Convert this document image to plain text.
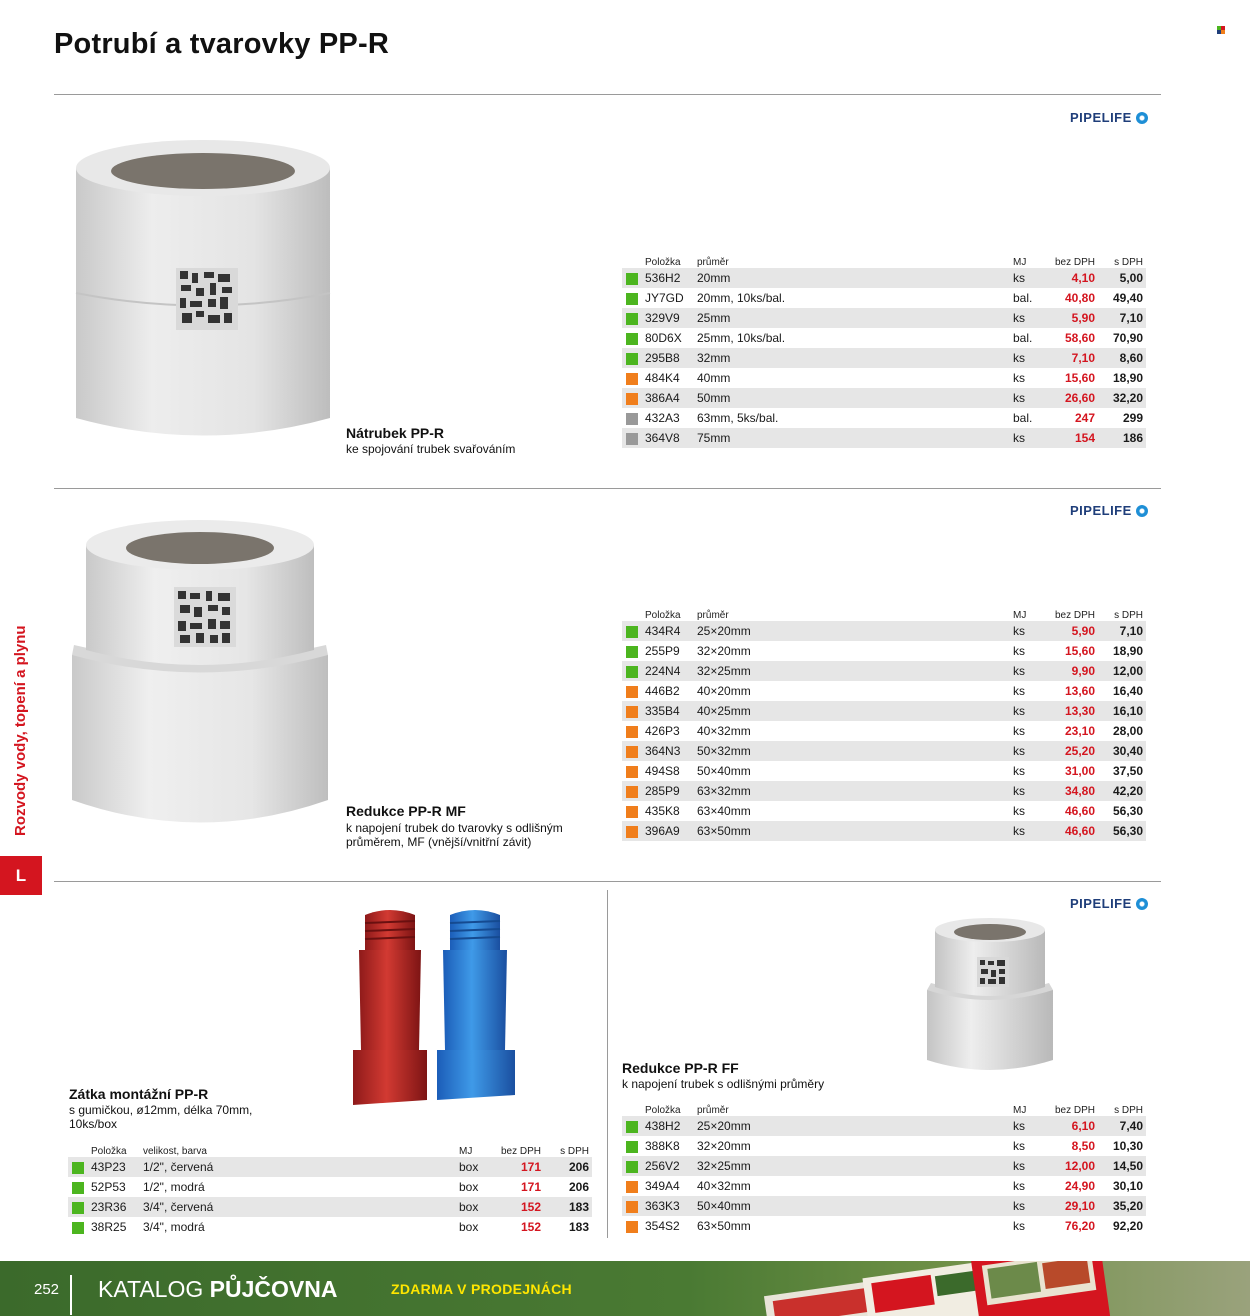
Potrubí a tvarovky PP-R
Rozvody vody, topení a plynu
L
PIPELIFE
PIPELIFE
PIPELIFE
Nátrubek PP-R
ke spojování trubek svařováním
	Položka	průměr	MJ	bez DPH	s DPH
	536H2	20mm	ks	4,10	5,00
	JY7GD	20mm, 10ks/bal.	bal.	40,80	49,40
	329V9	25mm	ks	5,90	7,10
	80D6X	25mm, 10ks/bal.	bal.	58,60	70,90
	295B8	32mm	ks	7,10	8,60
	484K4	40mm	ks	15,60	18,90
	386A4	50mm	ks	26,60	32,20
	432A3	63mm, 5ks/bal.	bal.	247	299
	364V8	75mm	ks	154	186
Redukce PP-R MF
k napojení trubek do tvarovky s odlišným
průměrem, MF (vnější/vnitřní závit)
	Položka	průměr	MJ	bez DPH	s DPH
	434R4	25×20mm	ks	5,90	7,10
	255P9	32×20mm	ks	15,60	18,90
	224N4	32×25mm	ks	9,90	12,00
	446B2	40×20mm	ks	13,60	16,40
	335B4	40×25mm	ks	13,30	16,10
	426P3	40×32mm	ks	23,10	28,00
	364N3	50×32mm	ks	25,20	30,40
	494S8	50×40mm	ks	31,00	37,50
	285P9	63×32mm	ks	34,80	42,20
	435K8	63×40mm	ks	46,60	56,30
	396A9	63×50mm	ks	46,60	56,30
Zátka montážní PP-R
s gumičkou, ø12mm, délka 70mm,
10ks/box
	Položka	velikost, barva	MJ	bez DPH	s DPH
	43P23	1/2", červená	box	171	206
	52P53	1/2", modrá	box	171	206
	23R36	3/4", červená	box	152	183
	38R25	3/4", modrá	box	152	183
Redukce PP-R FF
k napojení trubek s odlišnými průměry
	Položka	průměr	MJ	bez DPH	s DPH
	438H2	25×20mm	ks	6,10	7,40
	388K8	32×20mm	ks	8,50	10,30
	256V2	32×25mm	ks	12,00	14,50
	349A4	40×32mm	ks	24,90	30,10
	363K3	50×40mm	ks	29,10	35,20
	354S2	63×50mm	ks	76,20	92,20
252 KATALOG PŮJČOVNA	ZDARMA V PRODEJNÁCH
